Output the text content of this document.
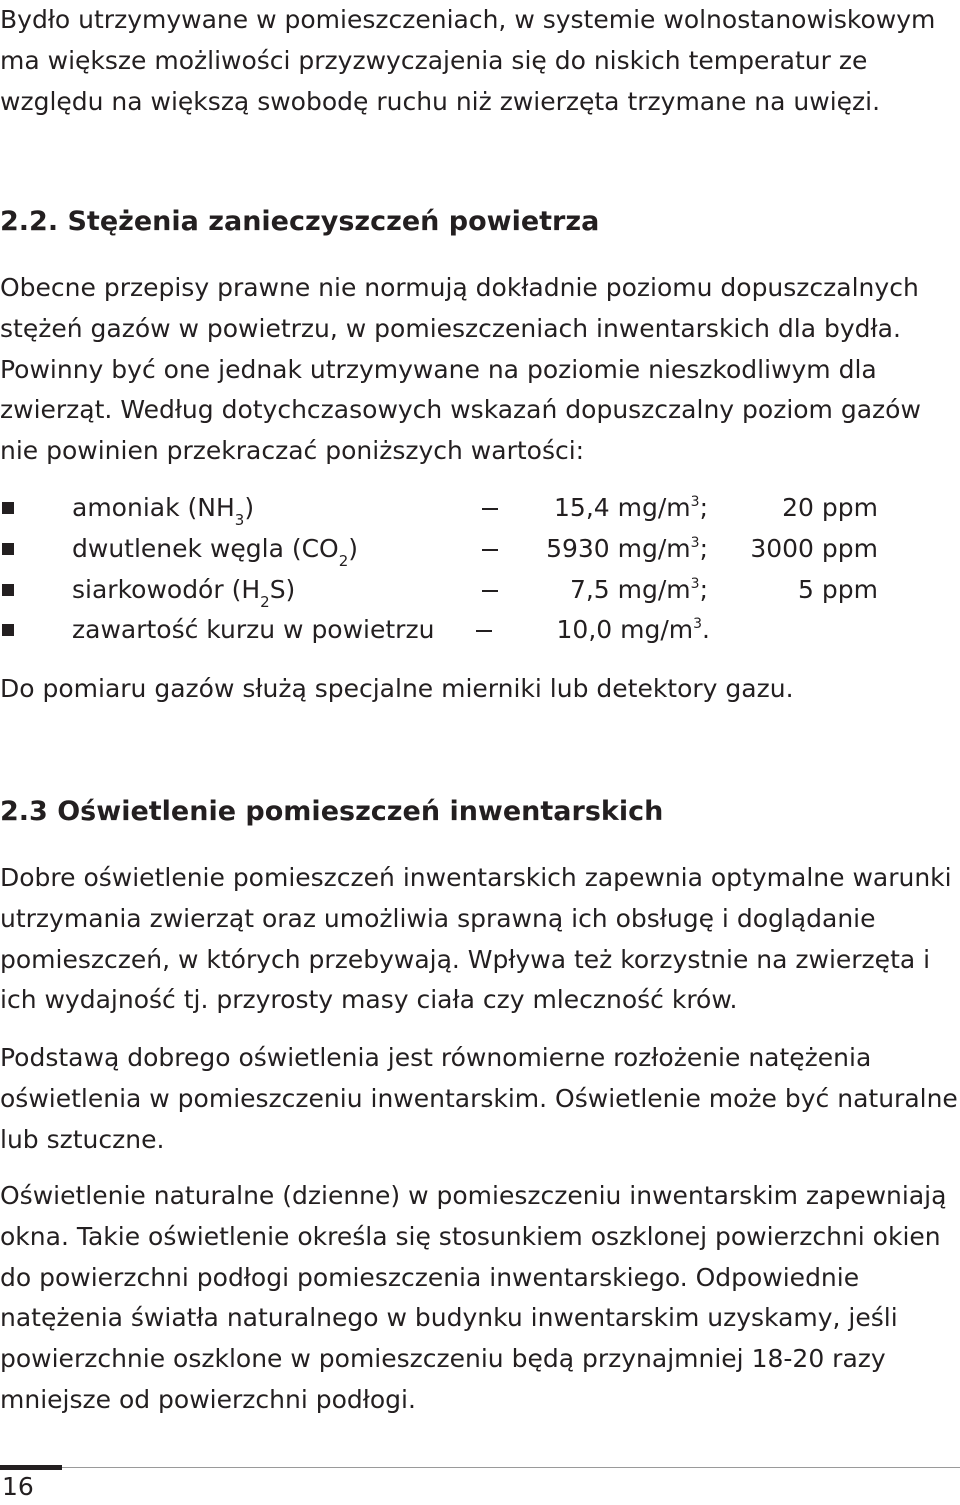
Bydło utrzymywane w pomieszczeniach, w systemie wolnostanowiskowym ma większe możliwości przyzwyczajenia się do niskich temperatur ze względu na większą swobodę ruchu niż zwierzęta trzymane na uwięzi.

2.2. Stężenia zanieczyszczeń powietrza

Obecne przepisy prawne nie normują dokładnie poziomu dopuszczalnych stężeń gazów w powietrzu, w pomieszczeniach inwentarskich dla bydła. Powinny być one jednak utrzymywane na poziomie nieszkodliwym dla zwierząt. Według dotychczasowych wskazań dopuszczalny poziom gazów nie powinien przekraczać poniższych wartości:

amoniak $(NH_3)$	15,4 $mg/m^3$;	20 ppm
dwutlenek węgla $(CO_2)$	5930 $mg/m^3$; 3000 ppm
siarkowodór $(H_2S)$	7,5 $mg/m^3$;	5 ppm
zawartość kurzu w powietrzu	10,0 $mg/m^3$.

Do pomiaru gazów służą specjalne mierniki lub detektory gazu.

2.3 Oświetlenie pomieszczeń inwentarskich

Dobre oświetlenie pomieszczeń inwentarskich zapewnia optymalne warunki utrzymania zwierząt oraz umożliwia sprawną ich obsługę i doglądanie pomieszczeń, w których przebywają. Wpływa też korzystnie na zwierzęta i ich wydajność tj. przyrosty masy ciała czy mleczność krów.

Podstawą dobrego oświetlenia jest równomierne rozłożenie natężenia oświetlenia w pomieszczeniu inwentarskim. Oświetlenie może być naturalne lub sztuczne.

Oświetlenie naturalne (dzienne) w pomieszczeniu inwentarskim zapewniają okna. Takie oświetlenie określa się stosunkiem oszklonej powierzchni okien do powierzchni podłogi pomieszczenia inwentarskiego. Odpowiednie natężenia światła naturalnego w budynku inwentarskim uzyskamy, jeśli powierzchnie oszklone w pomieszczeniu będą przynajmniej 18-20 razy mniejsze od powierzchni podłogi.

16
